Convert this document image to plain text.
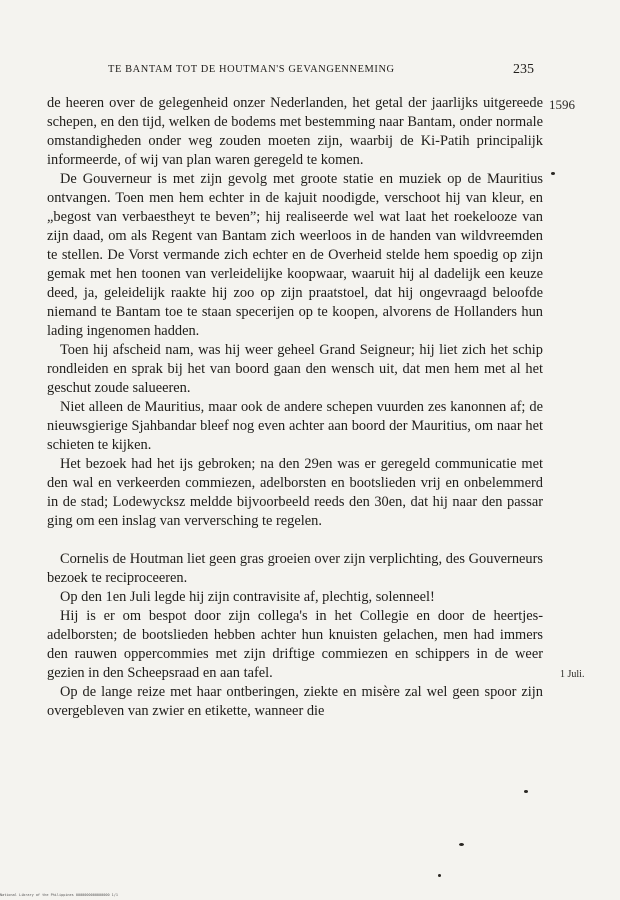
TE BANTAM TOT DE HOUTMAN'S GEVANGENNEMING	235

de heeren over de gelegenheid onzer Nederlanden, het getal der jaarlijks uitgereede schepen, en den tijd, welken de bodems met bestemming naar Bantam, onder normale omstandigheden onder weg zouden moeten zijn, waarbij de Ki-Patih principalijk informeerde, of wij van plan waren geregeld te komen.

De Gouverneur is met zijn gevolg met groote statie en muziek op de Mauritius ontvangen. Toen men hem echter in de kajuit noodigde, verschoot hij van kleur, en „begost van verbaestheyt te beven”; hij realiseerde wel wat laat het roekelooze van zijn daad, om als Regent van Bantam zich weerloos in de handen van wildvreemden te stellen. De Vorst vermande zich echter en de Overheid stelde hem spoedig op zijn gemak met hen toonen van verleidelijke koopwaar, waaruit hij al dadelijk een keuze deed, ja, geleidelijk raakte hij zoo op zijn praatstoel, dat hij ongevraagd beloofde niemand te Bantam toe te staan specerijen op te koopen, alvorens de Hollanders hun lading ingenomen hadden.

Toen hij afscheid nam, was hij weer geheel Grand Seigneur; hij liet zich het schip rondleiden en sprak bij het van boord gaan den wensch uit, dat men hem met al het geschut zoude salueeren.

Niet alleen de Mauritius, maar ook de andere schepen vuurden zes kanonnen af; de nieuwsgierige Sjahbandar bleef nog even achter aan boord der Mauritius, om naar het schieten te kijken.

Het bezoek had het ijs gebroken; na den 29en was er geregeld communicatie met den wal en verkeerden commiezen, adelborsten en bootslieden vrij en onbelemmerd in de stad; Lodewycksz meldde bijvoorbeeld reeds den 30en, dat hij naar den passar ging om een inslag van verversching te regelen.

Cornelis de Houtman liet geen gras groeien over zijn verplichting, des Gouverneurs bezoek te reciproceeren.

Op den 1en Juli legde hij zijn contravisite af, plechtig, solenneel!

Hij is er om bespot door zijn collega's in het Collegie en door de heertjes-adelborsten; de bootslieden hebben achter hun knuisten gelachen, men had immers den rauwen oppercommies met zijn driftige commiezen en schippers in de weer gezien in den Scheepsraad en aan tafel.

Op de lange reize met haar ontberingen, ziekte en misère zal wel geen spoor zijn overgebleven van zwier en etikette, wanneer die

1596
1 Juli.
National Library of the Philippines 0000000000000000 1/1
